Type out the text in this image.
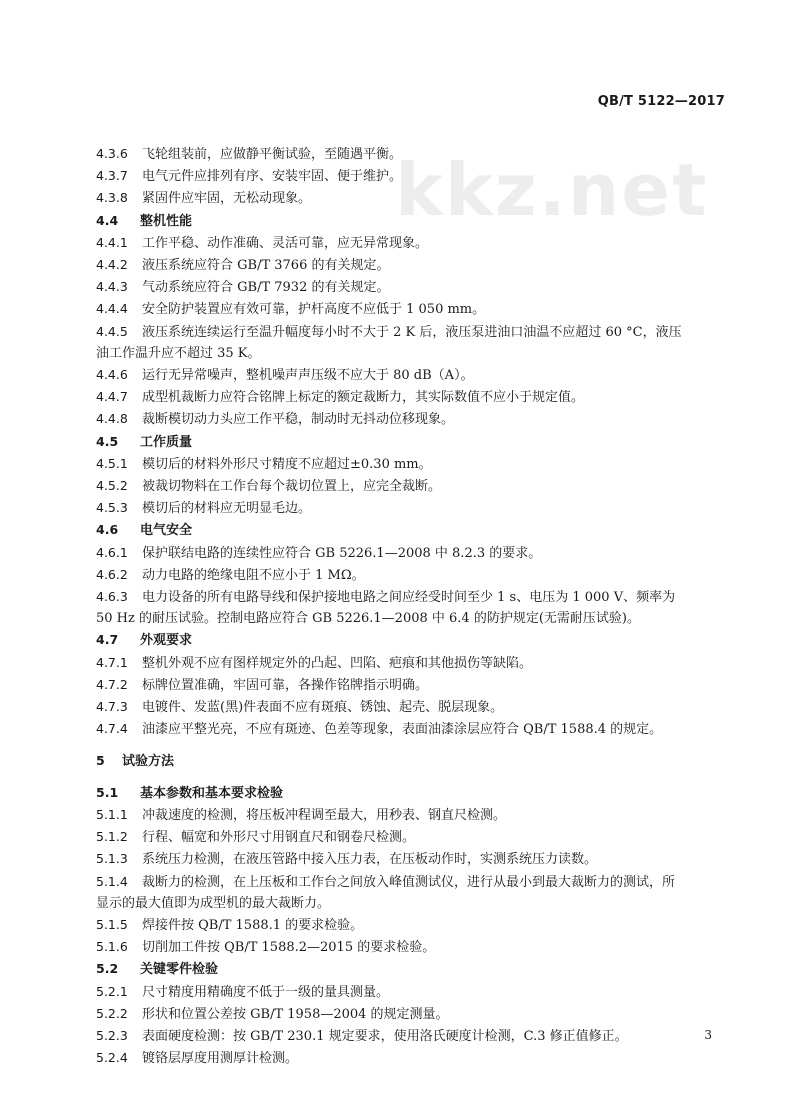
QB/T 5122—2017
kkz.net
4.3.6 飞轮组装前，应做静平衡试验，至随遇平衡。
4.3.7 电气元件应排列有序、安装牢固、便于维护。
4.3.8 紧固件应牢固，无松动现象。
4.4 整机性能
4.4.1 工作平稳、动作准确、灵活可靠，应无异常现象。
4.4.2 液压系统应符合 GB/T 3766 的有关规定。
4.4.3 气动系统应符合 GB/T 7932 的有关规定。
4.4.4 安全防护装置应有效可靠，护杆高度不应低于 1 050 mm。
4.4.5 液压系统连续运行至温升幅度每小时不大于 2 K 后，液压泵进油口油温不应超过 60 °C，液压
油工作温升应不超过 35 K。
4.4.6 运行无异常噪声，整机噪声声压级不应大于 80 dB（A）。
4.4.7 成型机裁断力应符合铭牌上标定的额定裁断力，其实际数值不应小于规定值。
4.4.8 裁断模切动力头应工作平稳，制动时无抖动位移现象。
4.5 工作质量
4.5.1 模切后的材料外形尺寸精度不应超过±0.30 mm。
4.5.2 被裁切物料在工作台每个裁切位置上，应完全裁断。
4.5.3 模切后的材料应无明显毛边。
4.6 电气安全
4.6.1 保护联结电路的连续性应符合 GB 5226.1—2008 中 8.2.3 的要求。
4.6.2 动力电路的绝缘电阻不应小于 1 MΩ。
4.6.3 电力设备的所有电路导线和保护接地电路之间应经受时间至少 1 s、电压为 1 000 V、频率为
50 Hz 的耐压试验。控制电路应符合 GB 5226.1—2008 中 6.4 的防护规定(无需耐压试验)。
4.7 外观要求
4.7.1 整机外观不应有图样规定外的凸起、凹陷、疤痕和其他损伤等缺陷。
4.7.2 标牌位置准确，牢固可靠，各操作铭牌指示明确。
4.7.3 电镀件、发蓝(黑)件表面不应有斑痕、锈蚀、起壳、脱层现象。
4.7.4 油漆应平整光亮，不应有斑迹、色差等现象，表面油漆涂层应符合 QB/T 1588.4 的规定。
5 试验方法
5.1 基本参数和基本要求检验
5.1.1 冲裁速度的检测，将压板冲程调至最大，用秒表、钢直尺检测。
5.1.2 行程、幅宽和外形尺寸用钢直尺和钢卷尺检测。
5.1.3 系统压力检测，在液压管路中接入压力表，在压板动作时，实测系统压力读数。
5.1.4 裁断力的检测，在上压板和工作台之间放入峰值测试仪，进行从最小到最大裁断力的测试，所
显示的最大值即为成型机的最大裁断力。
5.1.5 焊接件按 QB/T 1588.1 的要求检验。
5.1.6 切削加工件按 QB/T 1588.2—2015 的要求检验。
5.2 关键零件检验
5.2.1 尺寸精度用精确度不低于一级的量具测量。
5.2.2 形状和位置公差按 GB/T 1958—2004 的规定测量。
5.2.3 表面硬度检测：按 GB/T 230.1 规定要求，使用洛氏硬度计检测，C.3 修正值修正。
5.2.4 镀铬层厚度用测厚计检测。
3
